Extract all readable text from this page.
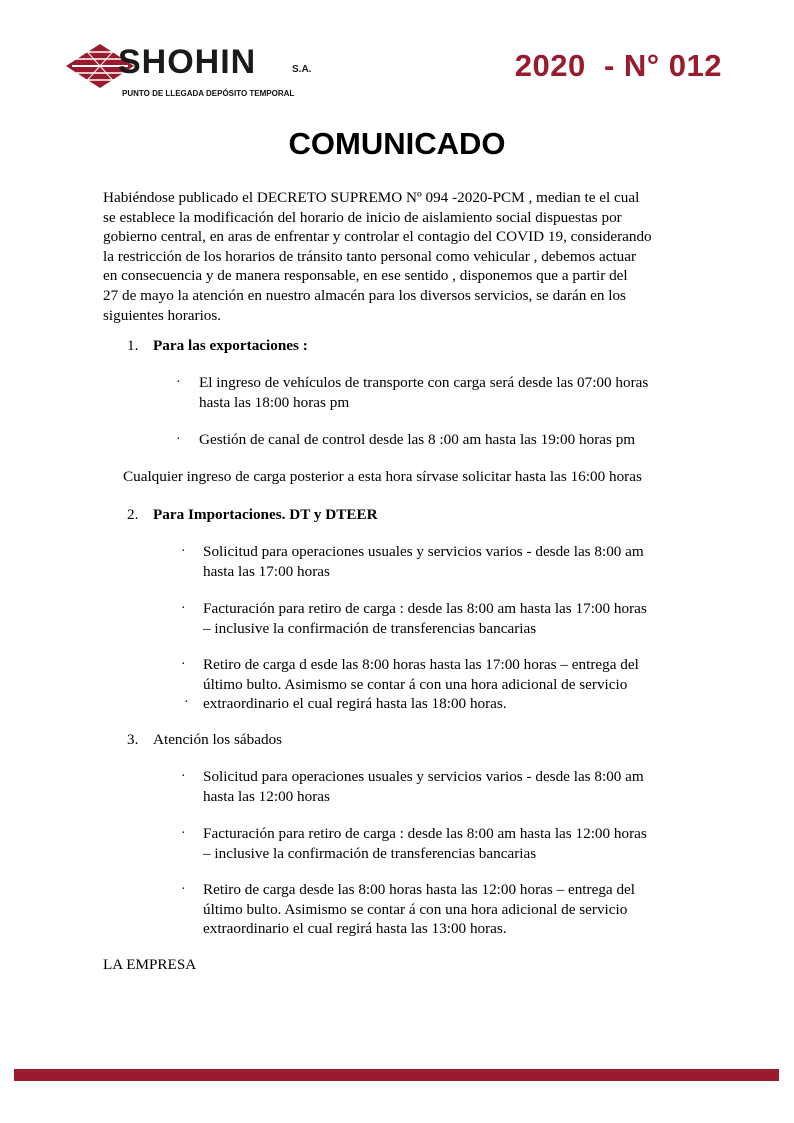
SHOHIN	S.A.
PUNTO DE LLEGADA DEPÓSITO TEMPORAL
2020  - N° 012
COMUNICADO
Habiéndose publicado el DECRETO SUPREMO Nº 094 -2020-PCM , median te el cual
se establece la modificación del horario de inicio de aislamiento social dispuestas por
gobierno central, en aras de enfrentar y controlar el contagio del COVID 19, considerando
la restricción de los horarios de tránsito tanto personal como vehicular , debemos actuar
en consecuencia y de manera responsable, en ese sentido , disponemos que a partir del
27 de mayo la atención en nuestro almacén para los diversos servicios, se darán en los
siguientes horarios.
1. Para las exportaciones :
· El ingreso de vehículos de transporte con carga será desde las 07:00 horas
hasta las 18:00 horas pm
· Gestión de canal de control desde las 8 :00 am hasta las 19:00 horas pm
Cualquier ingreso de carga posterior a esta hora sírvase solicitar hasta las 16:00 horas
2. Para Importaciones. DT y DTEER
· Solicitud para operaciones usuales y servicios varios - desde las 8:00 am
hasta las 17:00 horas
· Facturación para retiro de carga : desde las 8:00 am hasta las 17:00 horas
– inclusive la confirmación de transferencias bancarias
·
·
Retiro de carga d esde las 8:00 horas hasta las 17:00 horas – entrega del
último bulto. Asimismo se contar á con una hora adicional de servicio
extraordinario el cual regirá hasta las 18:00 horas.
3. Atención los sábados
· Solicitud para operaciones usuales y servicios varios - desde las 8:00 am
hasta las 12:00 horas
· Facturación para retiro de carga : desde las 8:00 am hasta las 12:00 horas
– inclusive la confirmación de transferencias bancarias
· Retiro de carga desde las 8:00 horas hasta las 12:00 horas – entrega del
último bulto. Asimismo se contar á con una hora adicional de servicio
extraordinario el cual regirá hasta las 13:00 horas.
LA EMPRESA
